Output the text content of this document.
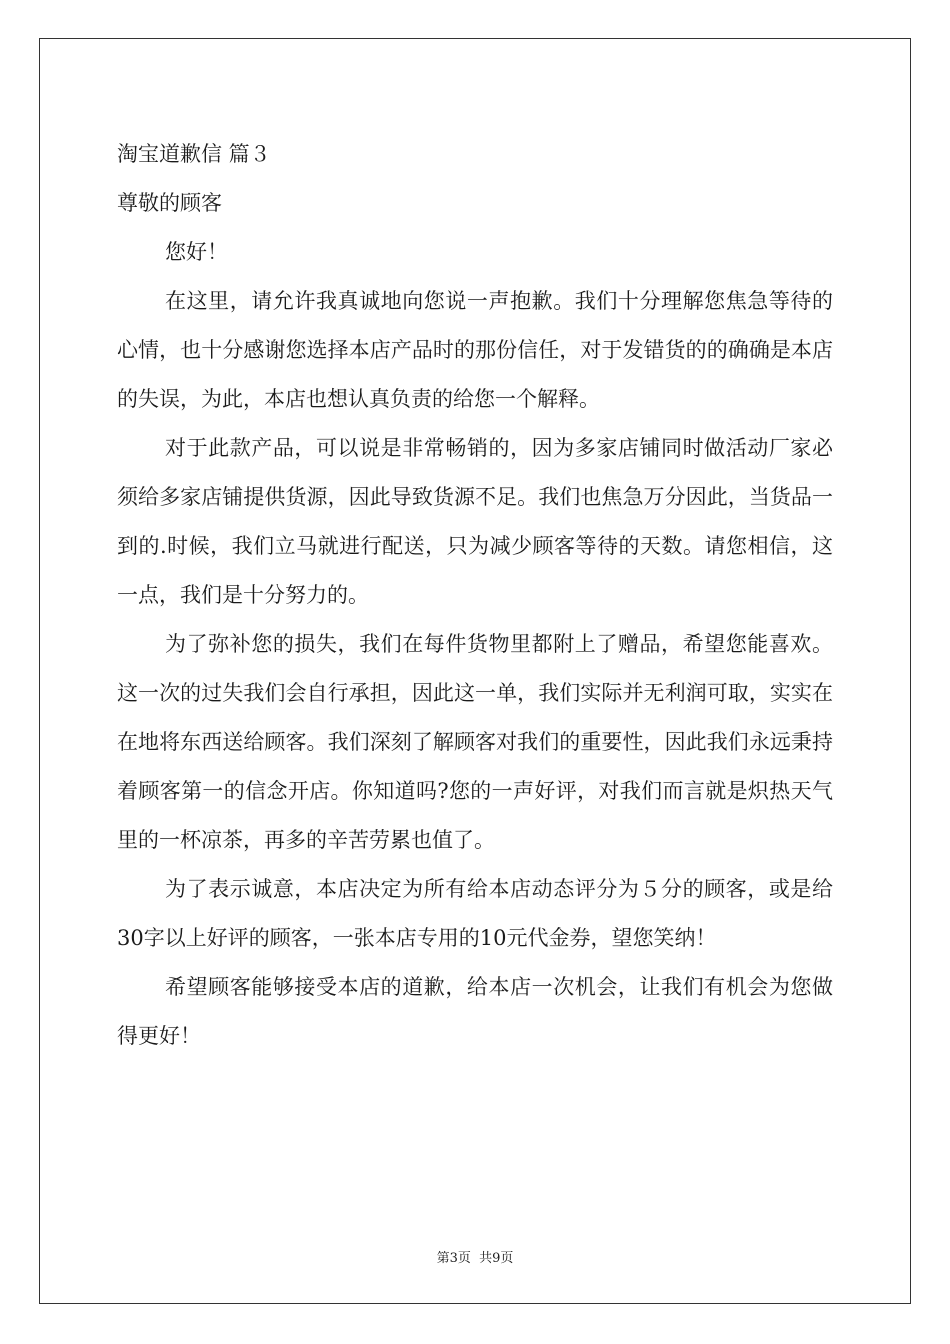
淘宝道歉信 篇３

尊敬的顾客

您好！

在这里，请允许我真诚地向您说一声抱歉。我们十分理解您焦急等待的心情，也十分感谢您选择本店产品时的那份信任，对于发错货的的确确是本店的失误，为此，本店也想认真负责的给您一个解释。

对于此款产品，可以说是非常畅销的，因为多家店铺同时做活动厂家必须给多家店铺提供货源，因此导致货源不足。我们也焦急万分因此，当货品一到的.时候，我们立马就进行配送，只为减少顾客等待的天数。请您相信，这一点，我们是十分努力的。

为了弥补您的损失，我们在每件货物里都附上了赠品，希望您能喜欢。这一次的过失我们会自行承担，因此这一单，我们实际并无利润可取，实实在在地将东西送给顾客。我们深刻了解顾客对我们的重要性，因此我们永远秉持着顾客第一的信念开店。你知道吗?您的一声好评，对我们而言就是炽热天气里的一杯凉茶，再多的辛苦劳累也值了。

为了表示诚意，本店决定为所有给本店动态评分为５分的顾客，或是给30字以上好评的顾客，一张本店专用的10元代金券，望您笑纳！

希望顾客能够接受本店的道歉，给本店一次机会，让我们有机会为您做得更好！

第3页 共9页
